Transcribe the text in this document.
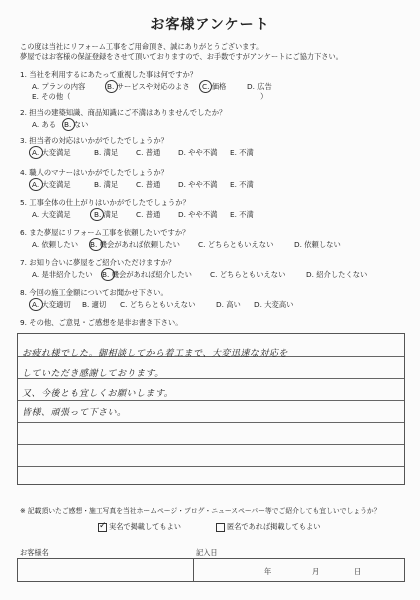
お客様アンケート
この度は当社にリフォーム工事をご用命頂き、誠にありがとうございます。
夢屋ではお客様の保証登録をさせて頂いておりますので、お手数ですがアンケートにご協力下さい。
1. 当社を利用するにあたって重視した事は何ですか？
A. プランの内容	B. サービスや対応のよさ C. 価格	D. 広告
E. その他（　　　　　　　　　　　　　　　　　　　　　　　　　　）
2. 担当の建築知識、商品知識にご不満はありませんでしたか？
A. ある B. ない
3. 担当者の対応はいかがでしたでしょうか？
A. 大変満足	B. 満足 C. 普通 D. やや不満 E. 不満
4. 職人のマナーはいかがでしたでしょうか？
A. 大変満足	B. 満足 C. 普通 D. やや不満 E. 不満
5. 工事全体の仕上がりはいかがでしたでしょうか？
A. 大変満足	B. 満足 C. 普通 D. やや不満 E. 不満
6. また夢屋にリフォーム工事を依頼したいですか？
A. 依頼したい B. 機会があれば依頼したい C. どちらともいえない	D. 依頼しない
7. お知り合いに夢屋をご紹介いただけますか？
A. 是非紹介したい B. 機会があれば紹介したい C. どちらともいえない	D. 紹介したくない
8. 今回の施工金額についてお聞かせ下さい。
A. 大変適切 B. 適切 C. どちらともいえない	D. 高い D. 大変高い
9. その他、ご意見・ご感想を是非お書き下さい。
お疲れ様でした。御相談してから着工まで、大変迅速な対応を
していただき感謝しております。
又、今後とも宜しくお願いします。
皆様、頑張って下さい。
※ 記載頂いたご感想・施工写真を当社ホームページ・ブログ・ニュースペーパー等でご紹介しても宜しいでしょうか？
✓ 実名で掲載してもよい	匿名であれば掲載してもよい
お客様名	記入日
年	月	日
